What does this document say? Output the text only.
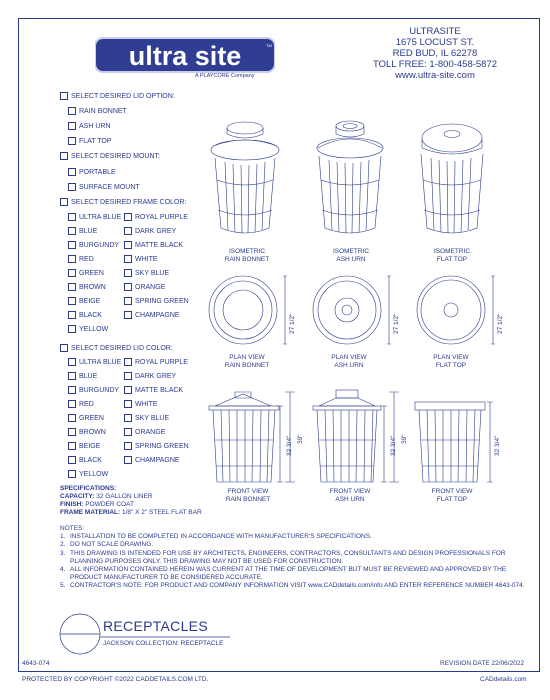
ultra site	TM
A PLAYCORE Company
ULTRASITE
1675 LOCUST ST.
RED BUD, IL 62278
TOLL FREE: 1-800-458-5872
www.ultra-site.com
SELECT DESIRED LID OPTION:
RAIN BONNET
ASH URN
FLAT TOP
SELECT DESIRED MOUNT:
PORTABLE
SURFACE MOUNT
SELECT DESIRED FRAME COLOR:
ULTRA BLUE
BLUE
BURGUNDY
RED
GREEN
BROWN
BEIGE
BLACK
YELLOW
ROYAL PURPLE
DARK GREY
MATTE BLACK
WHITE
SKY BLUE
ORANGE
SPRING GREEN
CHAMPAGNE
SELECT DESIRED LID COLOR:
ULTRA BLUE
BLUE
BURGUNDY
RED
GREEN
BROWN
BEIGE
BLACK
YELLOW
ROYAL PURPLE
DARK GREY
MATTE BLACK
WHITE
SKY BLUE
ORANGE
SPRING GREEN
CHAMPAGNE
ISOMETRIC
RAIN BONNET
ISOMETRIC
ASH URN
ISOMETRIC
FLAT TOP
PLAN VIEW
RAIN BONNET
PLAN VIEW
ASH URN
PLAN VIEW
FLAT TOP
27 1/2"	27 1/2"	27 1/2"
FRONT VIEW
RAIN BONNET
FRONT VIEW
ASH URN
FRONT VIEW
FLAT TOP
32 3/4" 39"	32 3/4" 39"	32 3/4"
SPECIFICATIONS:
CAPACITY: 32 GALLON LINER
FINISH: POWDER COAT
FRAME MATERIAL: 1/8" X 2" STEEL FLAT BAR
NOTES:
1. INSTALLATION TO BE COMPLETED IN ACCORDANCE WITH MANUFACTURER'S SPECIFICATIONS.
2. DO NOT SCALE DRAWING.
3. THIS DRAWING IS INTENDED FOR USE BY ARCHITECTS, ENGINEERS, CONTRACTORS, CONSULTANTS AND DESIGN PROFESSIONALS FOR PLANNING PURPOSES ONLY. THIS DRAWING MAY NOT BE USED FOR CONSTRUCTION.
4. ALL INFORMATION CONTAINED HEREIN WAS CURRENT AT THE TIME OF DEVELOPMENT BUT MUST BE REVIEWED AND APPROVED BY THE PRODUCT MANUFACTURER TO BE CONSIDERED ACCURATE.
5. CONTRACTOR'S NOTE: FOR PRODUCT AND COMPANY INFORMATION VISIT www.CADdetails.com/info AND ENTER REFERENCE NUMBER 4643-074.
RECEPTACLES
JACKSON COLLECTION: RECEPTACLE
4643-074	REVISION DATE 22/06/2022
PROTECTED BY COPYRIGHT ©2022 CADDETAILS.COM LTD.	CADdetails.com
